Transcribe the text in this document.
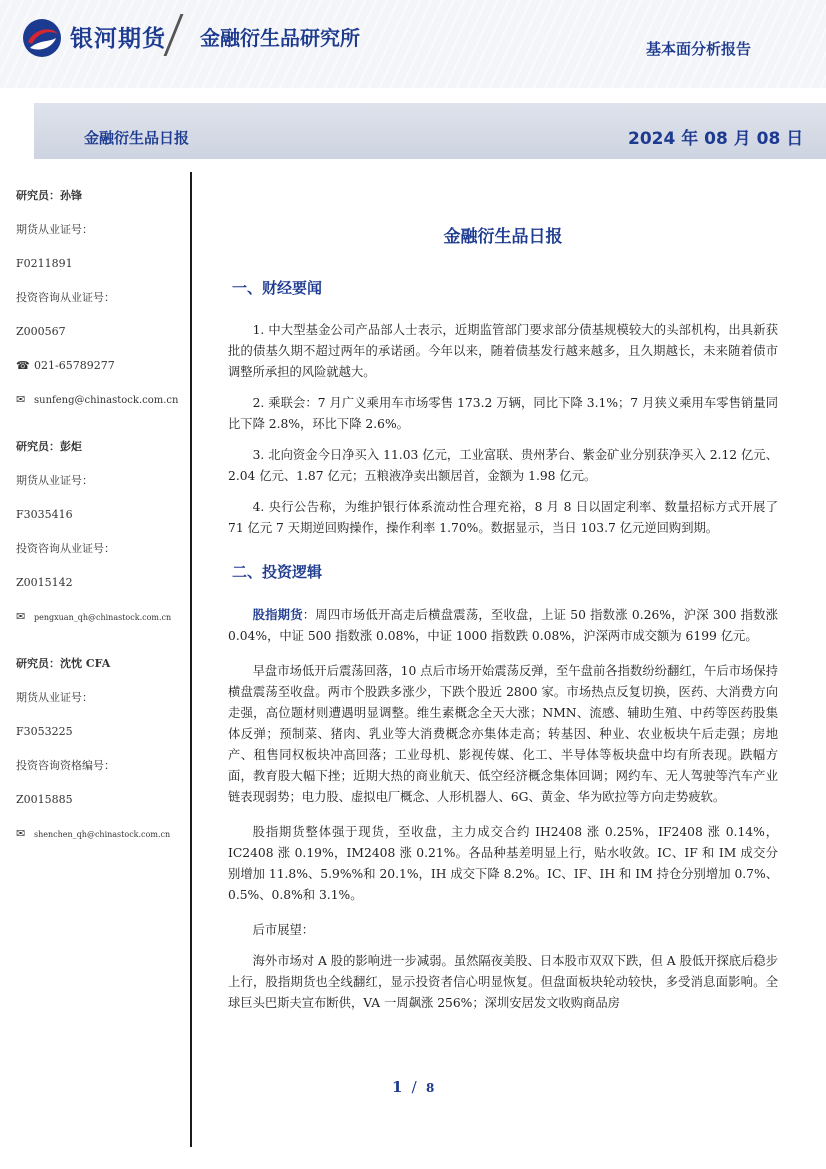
银河期货 金融衍生品研究所	基本面分析报告
金融衍生品日报	2024 年 08 月 08 日

研究员：孙锋

期货从业证号：

F0211891

投资咨询从业证号：

Z000567

☎ 021-65789277

✉ sunfeng@chinastock.com.cn

研究员：彭炬

期货从业证号：

F3035416

投资咨询从业证号：

Z0015142

✉ pengxuan_qh@chinastock.com.cn

研究员：沈忱 CFA

期货从业证号：

F3053225

投资咨询资格编号：

Z0015885

✉ shenchen_qh@chinastock.com.cn

金融衍生品日报
一、财经要闻

1. 中大型基金公司产品部人士表示，近期监管部门要求部分债基规模较大的头部机构，出具新获批的债基久期不超过两年的承诺函。今年以来，随着债基发行越来越多，且久期越长，未来随着债市调整所承担的风险就越大。

2. 乘联会：7 月广义乘用车市场零售 173.2 万辆，同比下降 3.1%；7 月狭义乘用车零售销量同比下降 2.8%，环比下降 2.6%。

3. 北向资金今日净买入 11.03 亿元，工业富联、贵州茅台、紫金矿业分别获净买入 2.12 亿元、2.04 亿元、1.87 亿元；五粮液净卖出额居首，金额为 1.98 亿元。

4. 央行公告称，为维护银行体系流动性合理充裕，8 月 8 日以固定利率、数量招标方式开展了 71 亿元 7 天期逆回购操作，操作利率 1.70%。数据显示，当日 103.7 亿元逆回购到期。

二、投资逻辑

股指期货：周四市场低开高走后横盘震荡，至收盘，上证 50 指数涨 0.26%，沪深 300 指数涨 0.04%，中证 500 指数涨 0.08%，中证 1000 指数跌 0.08%，沪深两市成交额为 6199 亿元。

早盘市场低开后震荡回落，10 点后市场开始震荡反弹，至午盘前各指数纷纷翻红，午后市场保持横盘震荡至收盘。两市个股跌多涨少，下跌个股近 2800 家。市场热点反复切换，医药、大消费方向走强，高位题材则遭遇明显调整。维生素概念全天大涨；NMN、流感、辅助生殖、中药等医药股集体反弹；预制菜、猪肉、乳业等大消费概念亦集体走高；转基因、种业、农业板块午后走强；房地产、租售同权板块冲高回落；工业母机、影视传媒、化工、半导体等板块盘中均有所表现。跌幅方面，教育股大幅下挫；近期大热的商业航天、低空经济概念集体回调；网约车、无人驾驶等汽车产业链表现弱势；电力股、虚拟电厂概念、人形机器人、6G、黄金、华为欧拉等方向走势疲软。

股指期货整体强于现货，至收盘，主力成交合约 IH2408 涨 0.25%，IF2408 涨 0.14%，IC2408 涨 0.19%，IM2408 涨 0.21%。各品种基差明显上行，贴水收敛。IC、IF 和 IM 成交分别增加 11.8%、5.9%%和 20.1%，IH 成交下降 8.2%。IC、IF、IH 和 IM 持仓分别增加 0.7%、0.5%、0.8%和 3.1%。

后市展望：

海外市场对 A 股的影响进一步减弱。虽然隔夜美股、日本股市双双下跌，但 A 股低开探底后稳步上行，股指期货也全线翻红，显示投资者信心明显恢复。但盘面板块轮动较快，多受消息面影响。全球巨头巴斯夫宣布断供，VA 一周飙涨 256%；深圳安居发文收购商品房

1 / 8
